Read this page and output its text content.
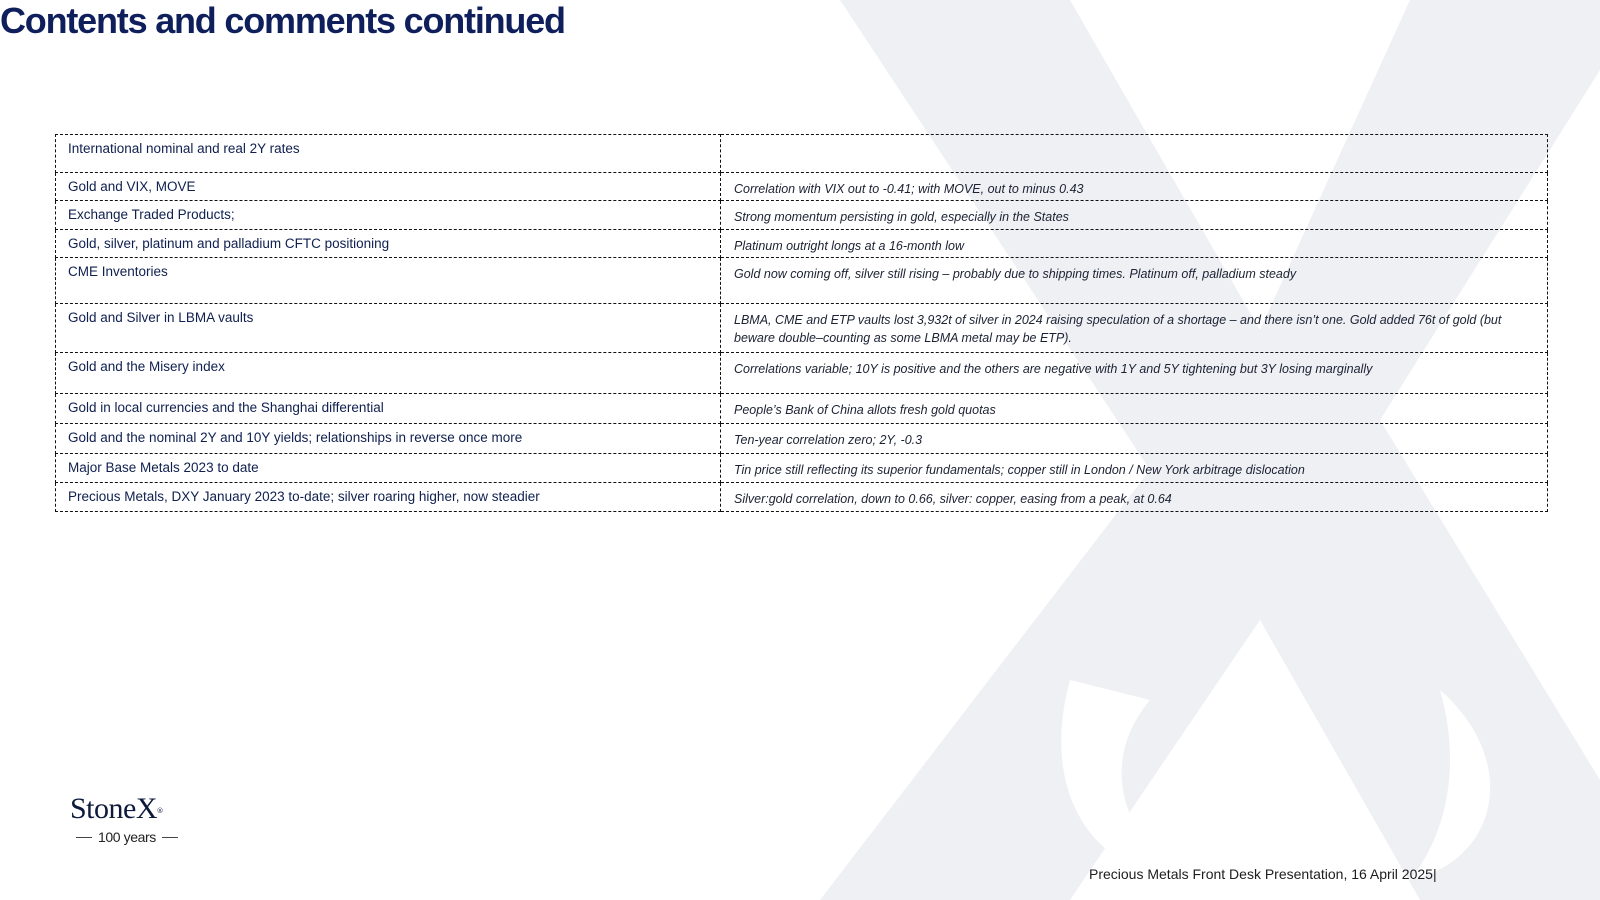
Contents and comments continued
International nominal and real 2Y rates	
Gold and VIX, MOVE	Correlation with VIX out to -0.41; with MOVE, out to minus 0.43
Exchange Traded Products;	Strong momentum persisting in gold, especially in the States
Gold, silver, platinum and palladium CFTC positioning	Platinum outright longs at a 16-month low
CME Inventories	Gold now coming off, silver still rising – probably due to shipping times. Platinum off, palladium steady
Gold and Silver in LBMA vaults	LBMA, CME and ETP vaults lost 3,932t of silver in 2024 raising speculation of a shortage – and there isn’t one. Gold added 76t of gold (but beware double–counting as some LBMA metal may be ETP).
Gold and the Misery index	Correlations variable; 10Y is positive and the others are negative with 1Y and 5Y tightening but 3Y losing marginally
Gold in local currencies and the Shanghai differential	People’s Bank of China allots fresh gold quotas
Gold and the nominal 2Y and 10Y yields; relationships in reverse once more	Ten-year correlation zero; 2Y, -0.3
Major Base Metals 2023 to date	Tin price still reflecting its superior fundamentals; copper still in London / New York arbitrage dislocation
Precious Metals, DXY January 2023 to-date; silver roaring higher, now steadier	Silver:gold correlation, down to 0.66, silver: copper, easing from a peak, at 0.64
StoneX ®
100 years
Precious Metals Front Desk Presentation, 16 April 2025|
